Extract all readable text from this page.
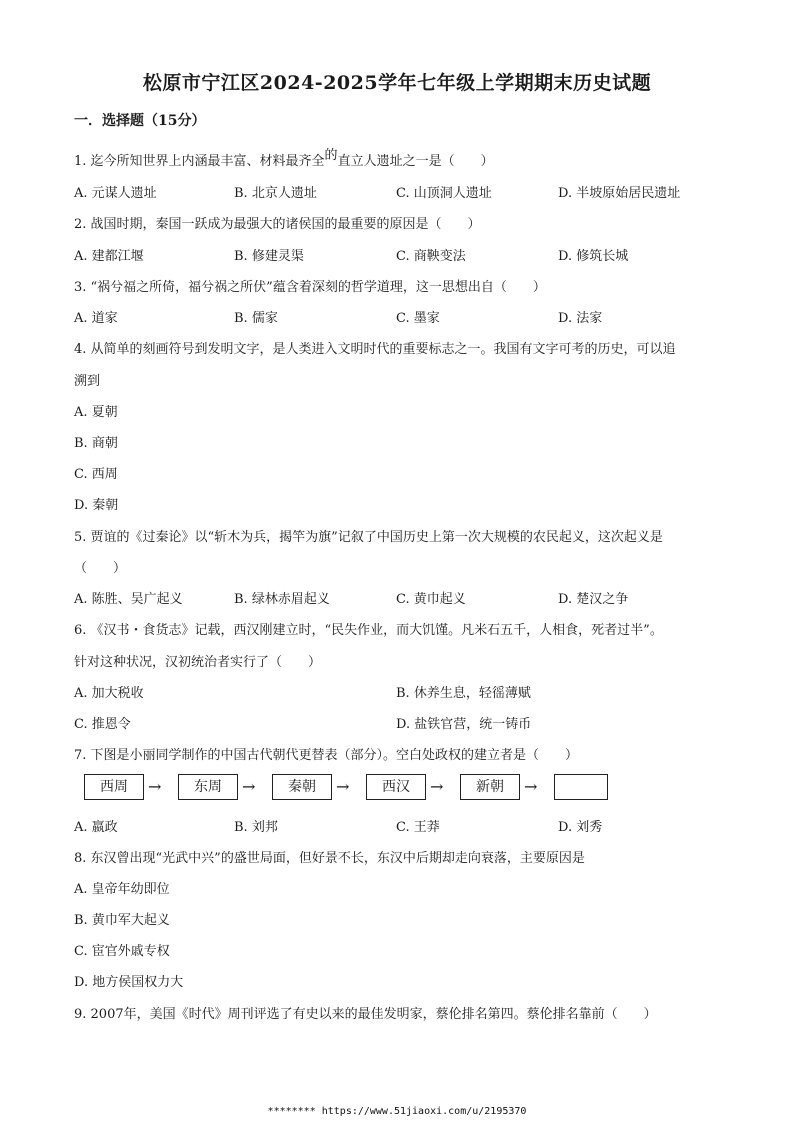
松原市宁江区2024-2025学年七年级上学期期末历史试题
一．选择题（15分）
1. 迄今所知世界上内涵最丰富、材料最齐全的直立人遗址之一是（　　）
A. 元谋人遗址	B. 北京人遗址	C. 山顶洞人遗址	D. 半坡原始居民遗址
2. 战国时期，秦国一跃成为最强大的诸侯国的最重要的原因是（　　）
A. 建都江堰	B. 修建灵渠	C. 商鞅变法	D. 修筑长城
3. “祸兮福之所倚，福兮祸之所伏”蕴含着深刻的哲学道理，这一思想出自（　　）
A. 道家	B. 儒家	C. 墨家	D. 法家
4. 从简单的刻画符号到发明文字，是人类进入文明时代的重要标志之一。我国有文字可考的历史，可以追
溯到
A. 夏朝
B. 商朝
C. 西周
D. 秦朝
5. 贾谊的《过秦论》以“斩木为兵，揭竿为旗”记叙了中国历史上第一次大规模的农民起义，这次起义是
（　　）
A. 陈胜、吴广起义	B. 绿林赤眉起义	C. 黄巾起义	D. 楚汉之争
6. 《汉书・食货志》记载，西汉刚建立时，“民失作业，而大饥馑。凡米石五千，人相食，死者过半”。
针对这种状况，汉初统治者实行了（　　）
A. 加大税收	B. 休养生息，轻徭薄赋
C. 推恩令	D. 盐铁官营，统一铸币
7. 下图是小丽同学制作的中国古代朝代更替表（部分）。空白处政权的建立者是（　　）
西周	→	东周	→	秦朝	→	西汉	→	新朝	→
A. 嬴政	B. 刘邦	C. 王莽	D. 刘秀
8. 东汉曾出现“光武中兴”的盛世局面，但好景不长，东汉中后期却走向衰落，主要原因是
A. 皇帝年幼即位
B. 黄巾军大起义
C. 宦官外戚专权
D. 地方侯国权力大
9. 2007年，美国《时代》周刊评选了有史以来的最佳发明家，蔡伦排名第四。蔡伦排名靠前（　　）
******** https://www.51jiaoxi.com/u/2195370
